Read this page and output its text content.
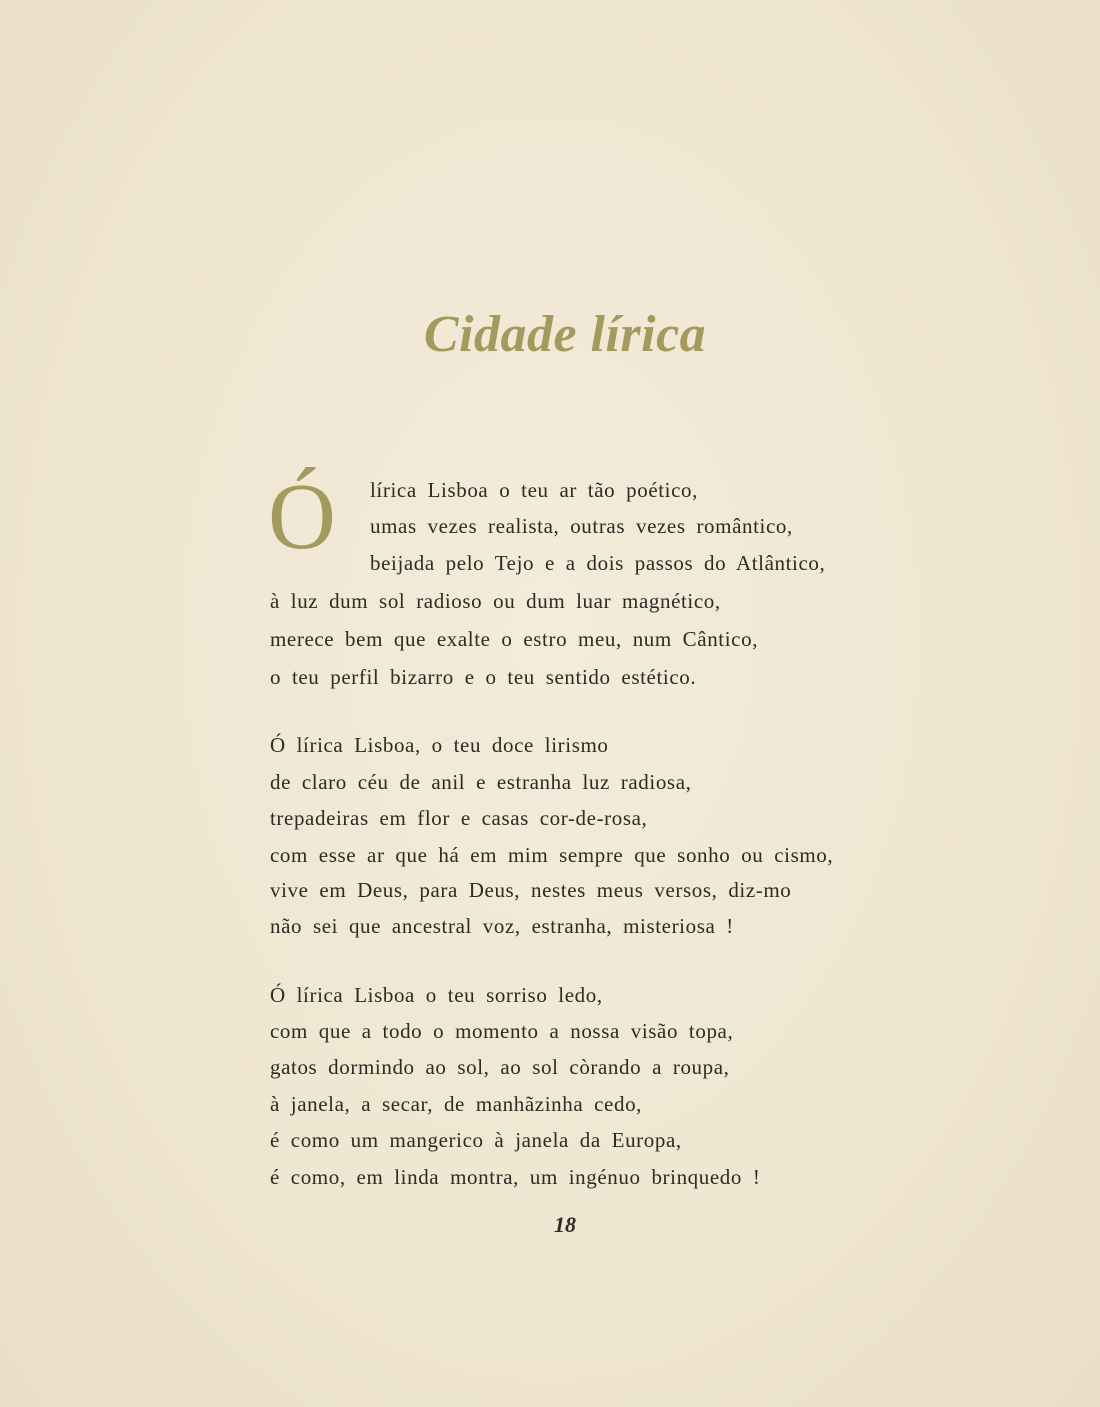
Cidade lírica
Ó lírica Lisboa o teu ar tão poético,
umas vezes realista, outras vezes romântico,
beijada pelo Tejo e a dois passos do Atlântico,
à luz dum sol radioso ou dum luar magnético,
merece bem que exalte o estro meu, num Cântico,
o teu perfil bizarro e o teu sentido estético.
Ó lírica Lisboa, o teu doce lirismo
de claro céu de anil e estranha luz radiosa,
trepadeiras em flor e casas cor-de-rosa,
com esse ar que há em mim sempre que sonho ou cismo,
vive em Deus, para Deus, nestes meus versos, diz-mo
não sei que ancestral voz, estranha, misteriosa !
Ó lírica Lisboa o teu sorriso ledo,
com que a todo o momento a nossa visão topa,
gatos dormindo ao sol, ao sol còrando a roupa,
à janela, a secar, de manhãzinha cedo,
é como um mangerico à janela da Europa,
é como, em linda montra, um ingénuo brinquedo !
18
